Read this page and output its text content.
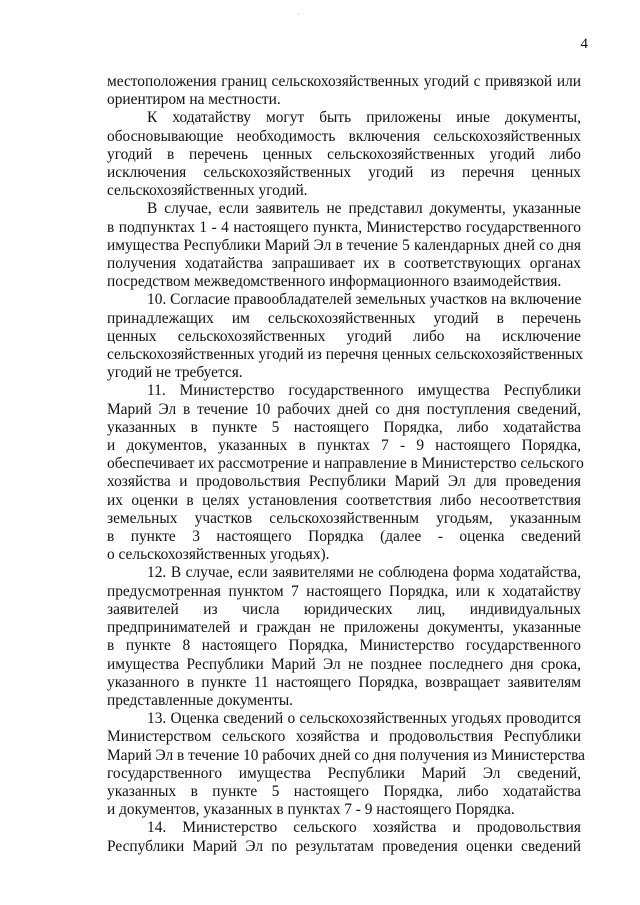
·
4
местоположения границ сельскохозяйственных угодий с привязкой или
ориентиром на местности.
К ходатайству могут быть приложены иные документы,
обосновывающие необходимость включения сельскохозяйственных
угодий в перечень ценных сельскохозяйственных угодий либо
исключения сельскохозяйственных угодий из перечня ценных
сельскохозяйственных угодий.
В случае, если заявитель не представил документы, указанные
в подпунктах 1 - 4 настоящего пункта, Министерство государственного
имущества Республики Марий Эл в течение 5 календарных дней со дня
получения ходатайства запрашивает их в соответствующих органах
посредством межведомственного информационного взаимодействия.
10. Согласие правообладателей земельных участков на включение
принадлежащих им сельскохозяйственных угодий в перечень
ценных сельскохозяйственных угодий либо на исключение
сельскохозяйственных угодий из перечня ценных сельскохозяйственных
угодий не требуется.
11. Министерство государственного имущества Республики
Марий Эл в течение 10 рабочих дней со дня поступления сведений,
указанных в пункте 5 настоящего Порядка, либо ходатайства
и документов, указанных в пунктах 7 - 9 настоящего Порядка,
обеспечивает их рассмотрение и направление в Министерство сельского
хозяйства и продовольствия Республики Марий Эл для проведения
их оценки в целях установления соответствия либо несоответствия
земельных участков сельскохозяйственным угодьям, указанным
в пункте 3 настоящего Порядка (далее - оценка сведений
о сельскохозяйственных угодьях).
12. В случае, если заявителями не соблюдена форма ходатайства,
предусмотренная пунктом 7 настоящего Порядка, или к ходатайству
заявителей из числа юридических лиц, индивидуальных
предпринимателей и граждан не приложены документы, указанные
в пункте 8 настоящего Порядка, Министерство государственного
имущества Республики Марий Эл не позднее последнего дня срока,
указанного в пункте 11 настоящего Порядка, возвращает заявителям
представленные документы.
13. Оценка сведений о сельскохозяйственных угодьях проводится
Министерством сельского хозяйства и продовольствия Республики
Марий Эл в течение 10 рабочих дней со дня получения из Министерства
государственного имущества Республики Марий Эл сведений,
указанных в пункте 5 настоящего Порядка, либо ходатайства
и документов, указанных в пунктах 7 - 9 настоящего Порядка.
14. Министерство сельского хозяйства и продовольствия
Республики Марий Эл по результатам проведения оценки сведений
